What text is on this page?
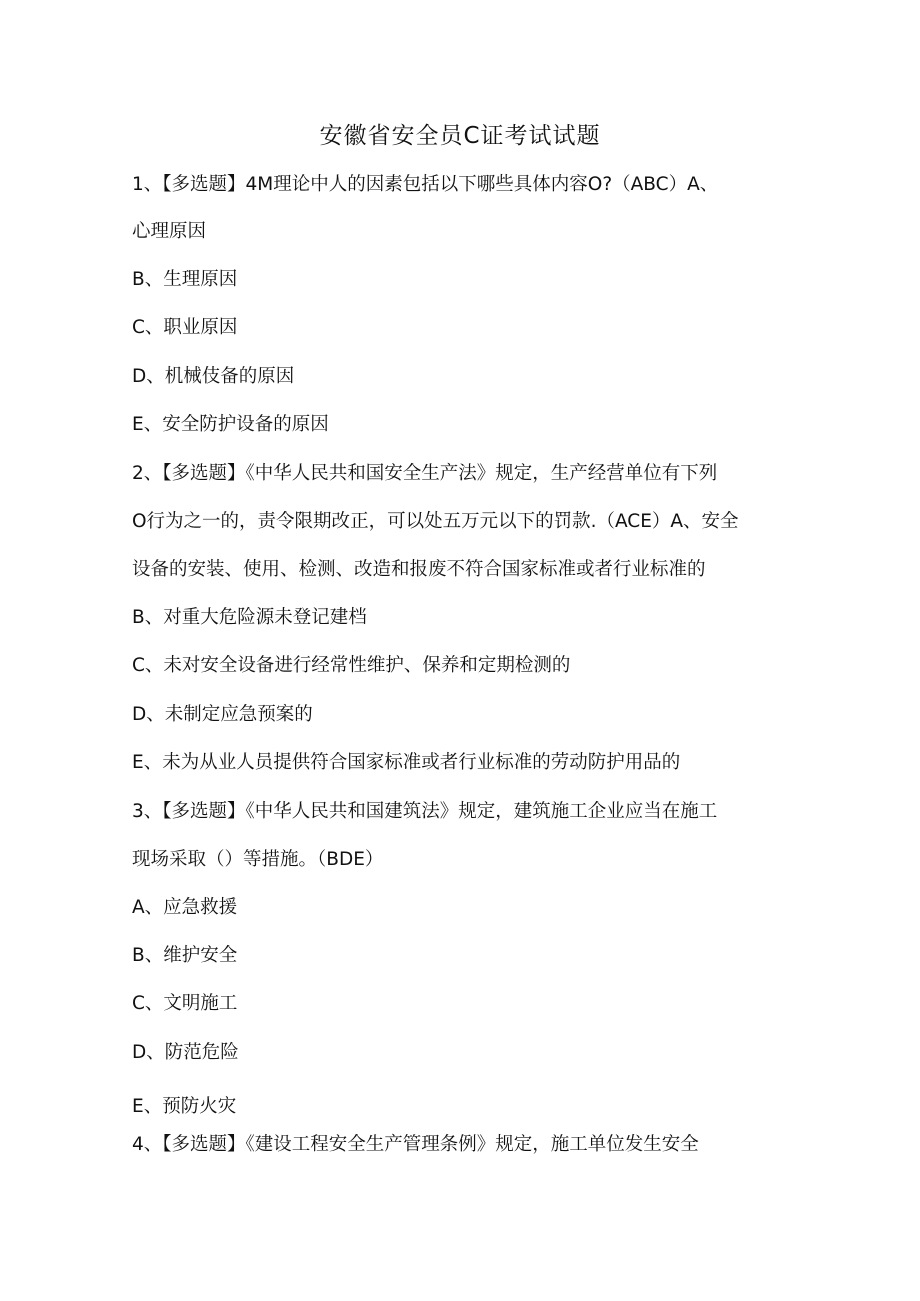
安徽省安全员C证考试试题
1、【多选题】4M理论中人的因素包括以下哪些具体内容O?（ABC）A、
心理原因
B、生理原因
C、职业原因
D、机械伎备的原因
E、安全防护设备的原因
2、【多选题】《中华人民共和国安全生产法》规定，生产经营单位有下列
O行为之一的，责令限期改正，可以处五万元以下的罚款.（ACE）A、安全
设备的安装、使用、检测、改造和报废不符合国家标准或者行业标准的
B、对重大危险源未登记建档
C、未对安全设备进行经常性维护、保养和定期检测的
D、未制定应急预案的
E、未为从业人员提供符合国家标准或者行业标准的劳动防护用品的
3、【多选题】《中华人民共和国建筑法》规定，建筑施工企业应当在施工
现场采取（）等措施。（BDE）
A、应急救援
B、维护安全
C、文明施工
D、防范危险
E、预防火灾
4、【多选题】《建设工程安全生产管理条例》规定，施工单位发生安全
